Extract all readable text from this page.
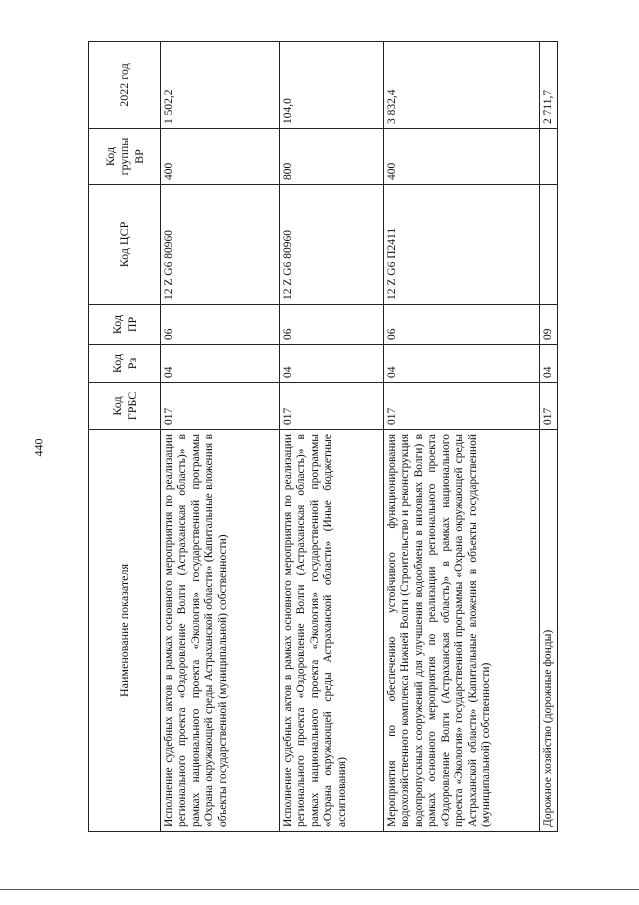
440
Наименование показателя	Код ГРБС	Код Рз	Код ПР	Код ЦСР	Код группы ВР	2022 год
Исполнение судебных актов в рамках основного мероприятия по реализации регионального проекта «Оздоровление Волги (Астраханская область)» в рамках национального проекта «Экология» государственной программы «Охрана окружающей среды Астраханской области» (Капитальные вложения в объекты государственной (муниципальной) собственности)	017	04	06	12 Z G6 80960	400	1 502,2
Исполнение судебных актов в рамках основного мероприятия по реализации регионального проекта «Оздоровление Волги (Астраханская область)» в рамках национального проекта «Экология» государственной программы «Охрана окружающей среды Астраханской области» (Иные бюджетные ассигнования)	017	04	06	12 Z G6 80960	800	104,0
Мероприятия по обеспечению устойчивого функционирования водохозяйственного комплекса Нижней Волги (Строительство и реконструкция водопропускных сооружений для улучшения водообмена в низовьях Волги) в рамках основного мероприятия по реализации регионального проекта «Оздоровление Волги (Астраханская область)» в рамках национального проекта «Экология» государственной программы «Охрана окружающей среды Астраханской области» (Капитальные вложения в объекты государственной (муниципальной) собственности)	017	04	06	12 Z G6 П2411	400	3 832,4
Дорожное хозяйство (дорожные фонды)	017	04	09			2 711,7
